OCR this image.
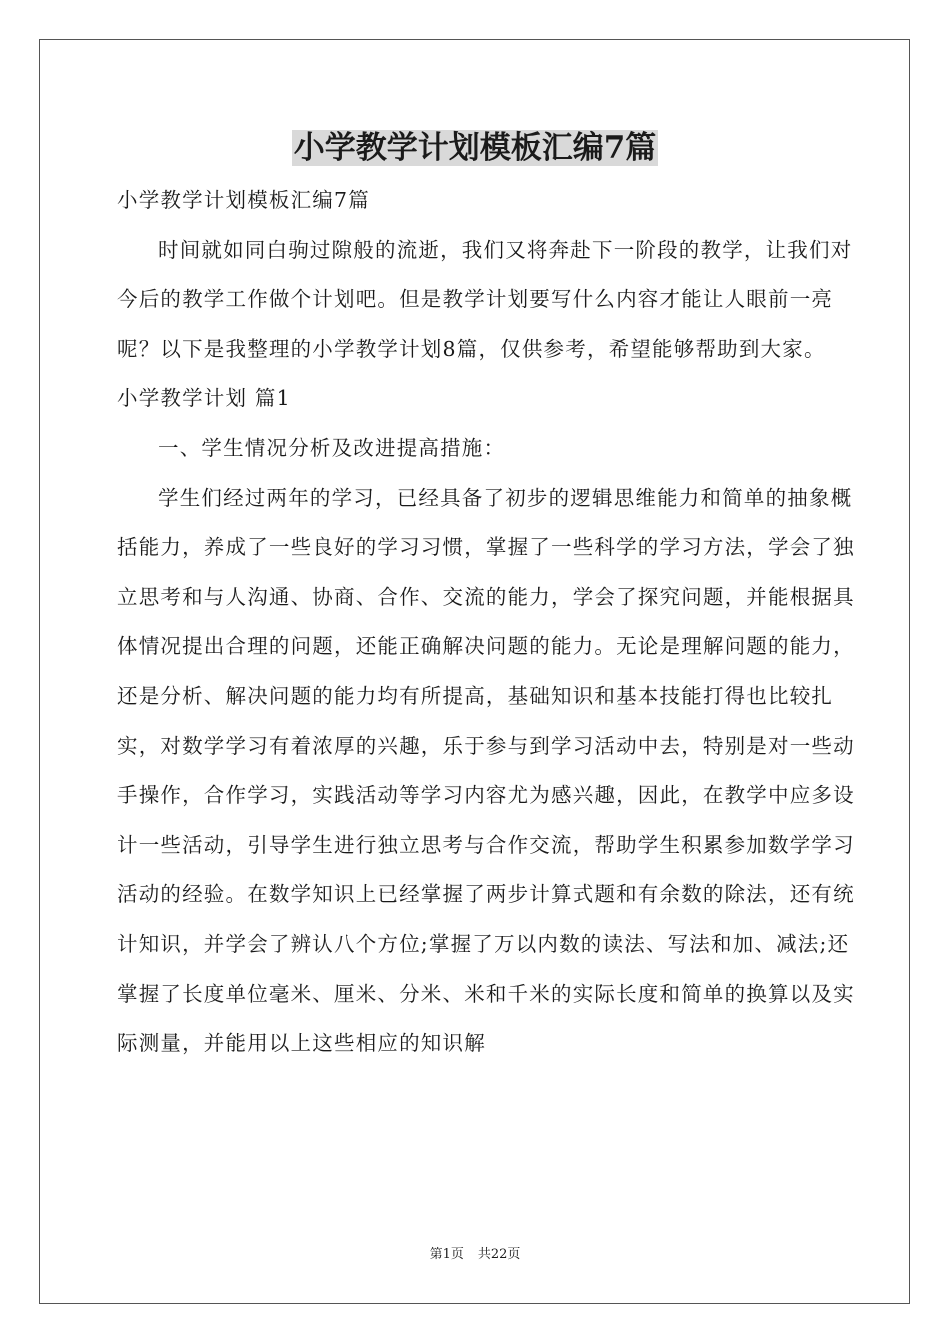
小学教学计划模板汇编7篇

小学教学计划模板汇编7篇

时间就如同白驹过隙般的流逝，我们又将奔赴下一阶段的教学，让我们对今后的教学工作做个计划吧。但是教学计划要写什么内容才能让人眼前一亮呢？以下是我整理的小学教学计划8篇，仅供参考，希望能够帮助到大家。

小学教学计划 篇1

一、学生情况分析及改进提高措施：

学生们经过两年的学习，已经具备了初步的逻辑思维能力和简单的抽象概括能力，养成了一些良好的学习习惯，掌握了一些科学的学习方法，学会了独立思考和与人沟通、协商、合作、交流的能力，学会了探究问题，并能根据具体情况提出合理的问题，还能正确解决问题的能力。无论是理解问题的能力，还是分析、解决问题的能力均有所提高，基础知识和基本技能打得也比较扎实，对数学学习有着浓厚的兴趣，乐于参与到学习活动中去，特别是对一些动手操作，合作学习，实践活动等学习内容尤为感兴趣，因此，在教学中应多设计一些活动，引导学生进行独立思考与合作交流，帮助学生积累参加数学学习活动的经验。在数学知识上已经掌握了两步计算式题和有余数的除法，还有统计知识，并学会了辨认八个方位;掌握了万以内数的读法、写法和加、减法;还掌握了长度单位毫米、厘米、分米、米和千米的实际长度和简单的换算以及实际测量，并能用以上这些相应的知识解

第1页 共22页
